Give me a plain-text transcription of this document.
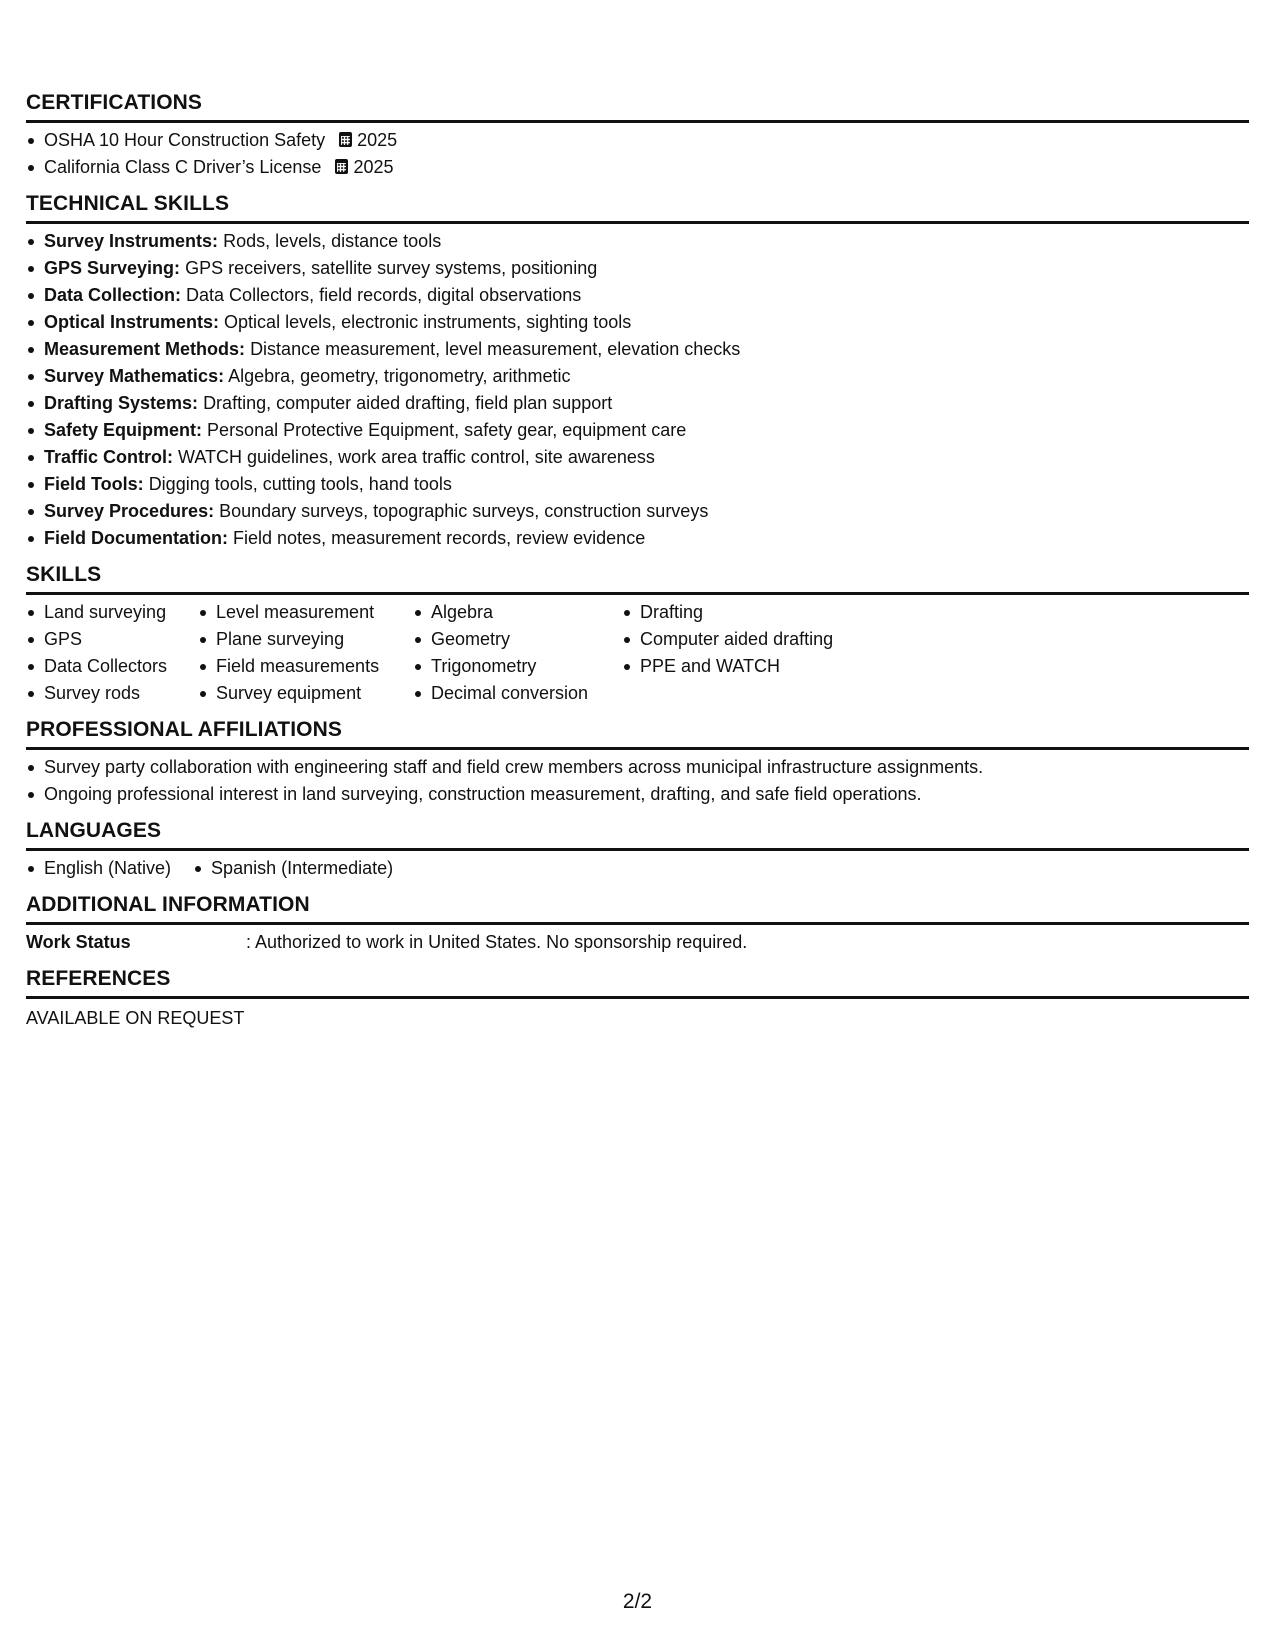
CERTIFICATIONS
OSHA 10 Hour Construction Safety 2025
California Class C Driver’s License 2025
TECHNICAL SKILLS
Survey Instruments: Rods, levels, distance tools
GPS Surveying: GPS receivers, satellite survey systems, positioning
Data Collection: Data Collectors, field records, digital observations
Optical Instruments: Optical levels, electronic instruments, sighting tools
Measurement Methods: Distance measurement, level measurement, elevation checks
Survey Mathematics: Algebra, geometry, trigonometry, arithmetic
Drafting Systems: Drafting, computer aided drafting, field plan support
Safety Equipment: Personal Protective Equipment, safety gear, equipment care
Traffic Control: WATCH guidelines, work area traffic control, site awareness
Field Tools: Digging tools, cutting tools, hand tools
Survey Procedures: Boundary surveys, topographic surveys, construction surveys
Field Documentation: Field notes, measurement records, review evidence
SKILLS
Land surveying
GPS
Data Collectors
Survey rods
Level measurement
Plane surveying
Field measurements
Survey equipment
Algebra
Geometry
Trigonometry
Decimal conversion
Drafting
Computer aided drafting
PPE and WATCH
PROFESSIONAL AFFILIATIONS
Survey party collaboration with engineering staff and field crew members across municipal infrastructure assignments.
Ongoing professional interest in land surveying, construction measurement, drafting, and safe field operations.
LANGUAGES
English (Native)	Spanish (Intermediate)
ADDITIONAL INFORMATION
Work Status	: Authorized to work in United States. No sponsorship required.
REFERENCES
AVAILABLE ON REQUEST
2/2
